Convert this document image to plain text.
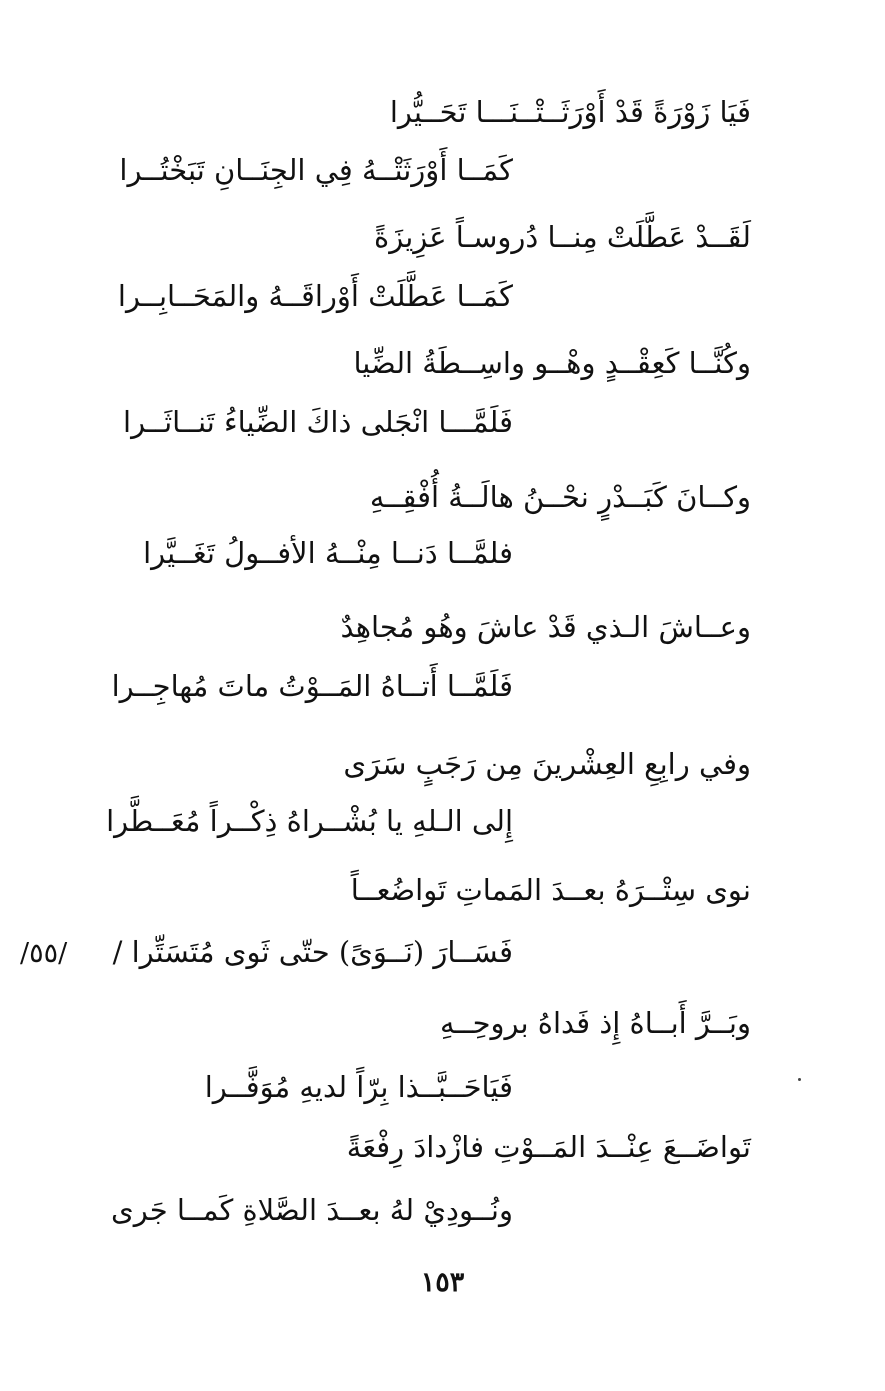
فَيَا زَوْرَةً قَدْ أَوْرَثَــتْــنَـــا تَحَــيُّرا
كَمَــا أَوْرَثَتْــهُ فِي الجِنَــانِ تَبَخْتُــرا
لَقَــدْ عَطَّلَتْ مِنــا دُروسـاً عَزِيزَةً
كَمَــا عَطَّلَتْ أَوْراقَــهُ والمَحَــابِــرا
وكُنَّــا كَعِقْــدٍ وهْــو واسِــطَةُ الضِّيا
فَلَمَّـــا انْجَلى ذاكَ الضِّياءُ تَنــاثَــرا
وكــانَ كَبَــدْرٍ نحْــنُ هالَــةُ أُفْقِــهِ
فلمَّــا دَنــا مِنْــهُ الأفــولُ تَغَــيَّرا
وعــاشَ الـذي قَدْ عاشَ وهُو مُجاهِدٌ
فَلَمَّــا أَتــاهُ المَــوْتُ ماتَ مُهاجِــرا
وفي رابِعِ العِشْرينَ مِن رَجَبٍ سَرَى
إِلى الـلهِ يا بُشْــراهُ ذِكْــراً مُعَــطَّرا
نوى سِتْــرَهُ بعــدَ المَماتِ تَواضُعــاً
فَسَــارَ (نَــوَىً) حتّى ثَوى مُتَسَتِّرا /
/٥٥/
وبَــرَّ أَبــاهُ إِذ فَداهُ بروحِــهِ
فَيَاحَــبَّــذا بِرّاً لديهِ مُوَفَّــرا
تَواضَــعَ عِنْــدَ المَــوْتِ فازْدادَ رِفْعَةً
ونُــودِيْ لهُ بعــدَ الصَّلاةِ كَمــا جَرى
١٥٣
